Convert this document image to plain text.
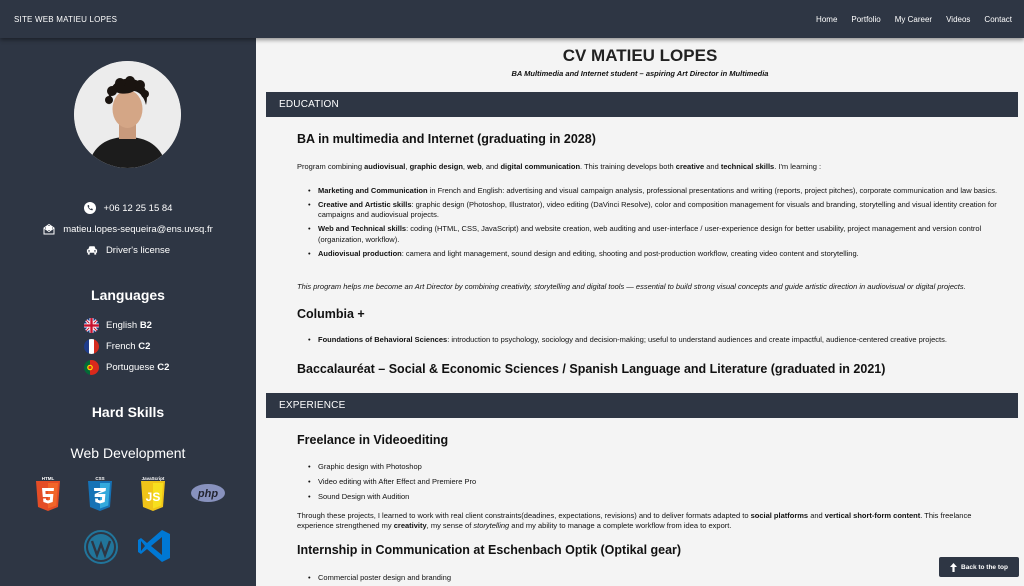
SITE WEB MATIEU LOPES	Home Portfolio My Career Videos Contact
+06 12 25 15 84
matieu.lopes-sequeira@ens.uvsq.fr
Driver's license
Languages
English B2
French C2
Portuguese C2
Hard Skills
Web Development
HTML	CSS	JavaScript
JS	php
CV MATIEU LOPES
BA Multimedia and Internet student – aspiring Art Director in Multimedia
EDUCATION
BA in multimedia and Internet (graduating in 2028)
Program combining audiovisual, graphic design, web, and digital communication. This training develops both creative and technical skills. I'm learning :
• Marketing and Communication in French and English: advertising and visual campaign analysis, professional presentations and writing (reports, project pitches), corporate communication and law basics.
• Creative and Artistic skills: graphic design (Photoshop, Illustrator), video editing (DaVinci Resolve), color and composition management for visuals and branding, storytelling and visual identity creation for campaigns and audiovisual projects.
• Web and Technical skills: coding (HTML, CSS, JavaScript) and website creation, web auditing and user-interface / user-experience design for better usability, project management and version control (organization, workflow).
• Audiovisual production: camera and light management, sound design and editing, shooting and post-production workflow, creating video content and storytelling.
This program helps me become an Art Director by combining creativity, storytelling and digital tools — essential to build strong visual concepts and guide artistic direction in audiovisual or digital projects.
Columbia +
• Foundations of Behavioral Sciences: introduction to psychology, sociology and decision-making; useful to understand audiences and create impactful, audience-centered creative projects.
Baccalauréat – Social & Economic Sciences / Spanish Language and Literature (graduated in 2021)
EXPERIENCE
Freelance in Videoediting
• Graphic design with Photoshop
• Video editing with After Effect and Premiere Pro
• Sound Design with Audition
Through these projects, I learned to work with real client constraints(deadines, expectations, revisions) and to deliver formats adapted to social platforms and vertical short-form content. This freelance experience strengthened my creativity, my sense of storytelling and my ability to manage a complete workflow from idea to export.
Internship in Communication at Eschenbach Optik (Optikal gear)
• Commercial poster design and branding
Back to the top
